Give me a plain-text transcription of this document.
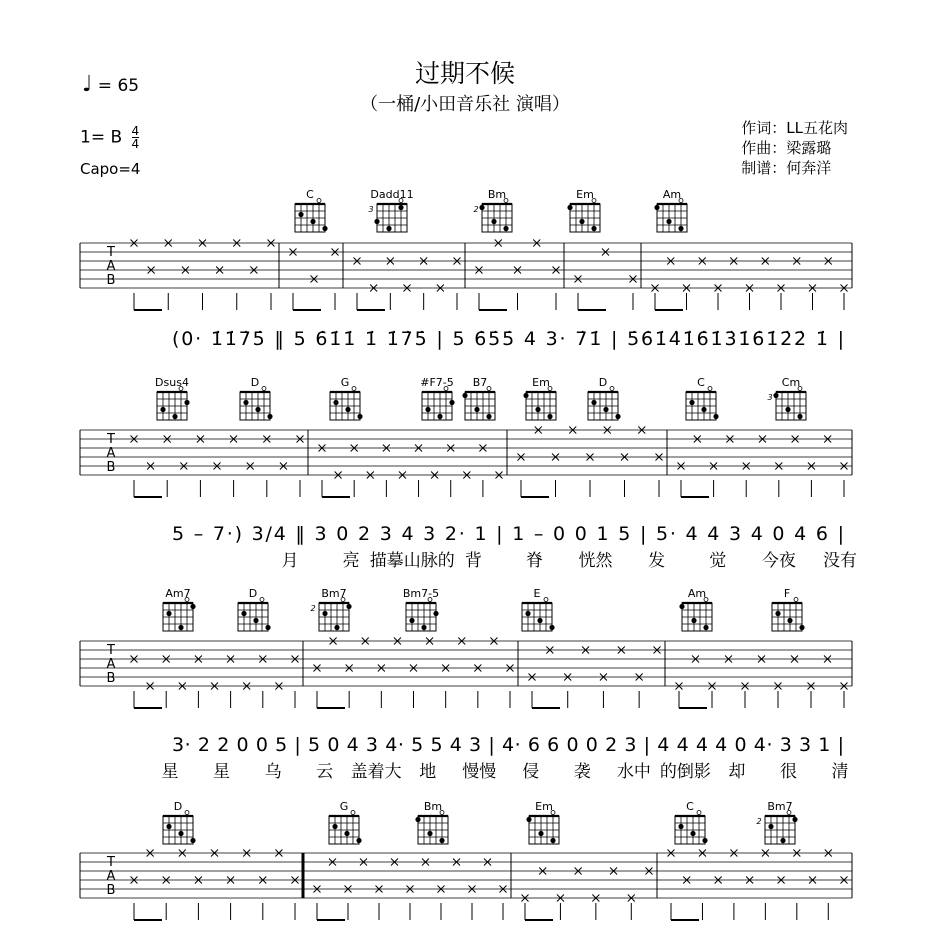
过期不候
（一桶/小田音乐社 演唱）
♩ = 65
1= B $\frac{4}{4}$
Capo=4
作词：LL五花肉
作曲：梁露璐
制谱：何奔洋
C	Dadd11
3
Bm
2
Em	Am
T
A
B
(0· 1̇1̇7̇5̇ ‖ 5 6̇1̇1̇ 1̇ 1̇7̇5̇ | 5 6̇5̇5̇ 4 3· 7̇1̇ | 5̇6̇1̇4̇1̇6̇1̇3̇1̇6̇1̇2̇2̇ 1̇ |
Dsus4	D	G	#F7-5 B7	Em	D	C	Cm
3
T
A
B
5 – 7·) 3/4 ‖ 3 0 2 3 4 3 2· 1 | 1 – 0 0 1 5 | 5· 4 4 3 4 0 4 6 |
月	亮 描摹山脉的 背	脊 恍然 发	觉 今夜 没有
Am7	D	Bm7
2
Bm7-5	E	Am	F
T
A
B
3· 2 2 0 0 5 | 5 0 4 3 4· 5 5 4 3 | 4· 6 6 0 0 2 3 | 4 4 4 4 0 4· 3 3 1 |
星 星 乌 云 盖着大 地 慢慢 侵 袭 水中 的倒影 却 很 清
D	G	Bm	Em	C	Bm7
2
T
A
B
